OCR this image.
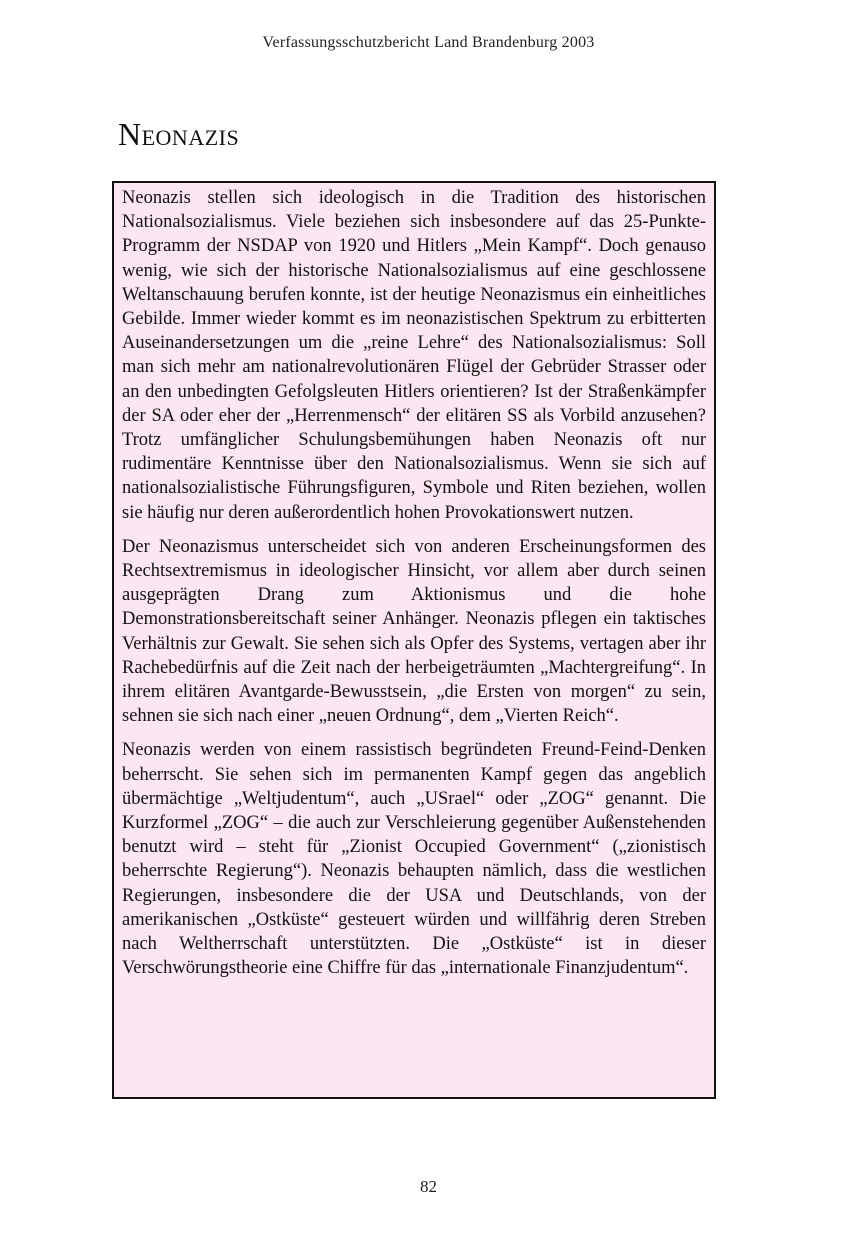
Verfassungsschutzbericht Land Brandenburg 2003
Neonazis

Neonazis stellen sich ideologisch in die Tradition des historischen Nationalsozialismus. Viele beziehen sich insbesondere auf das 25-Punkte-Programm der NSDAP von 1920 und Hitlers „Mein Kampf“. Doch genauso wenig, wie sich der historische Nationalsozialismus auf eine geschlossene Weltanschauung berufen konnte, ist der heutige Neonazismus ein einheitliches Gebilde. Immer wieder kommt es im neonazistischen Spektrum zu erbitterten Auseinandersetzungen um die „reine Lehre“ des Nationalsozialismus: Soll man sich mehr am nationalrevolutionären Flügel der Gebrüder Strasser oder an den unbedingten Gefolgsleuten Hitlers orientieren? Ist der Straßenkämpfer der SA oder eher der „Herrenmensch“ der elitären SS als Vorbild anzusehen? Trotz umfänglicher Schulungsbemühungen haben Neonazis oft nur rudimentäre Kenntnisse über den Nationalsozialismus. Wenn sie sich auf nationalsozialistische Führungsfiguren, Symbole und Riten beziehen, wollen sie häufig nur deren außerordentlich hohen Provokationswert nutzen.

Der Neonazismus unterscheidet sich von anderen Erscheinungsformen des Rechtsextremismus in ideologischer Hinsicht, vor allem aber durch seinen ausgeprägten Drang zum Aktionismus und die hohe Demonstrationsbereitschaft seiner Anhänger. Neonazis pflegen ein taktisches Verhältnis zur Gewalt. Sie sehen sich als Opfer des Systems, vertagen aber ihr Rachebedürfnis auf die Zeit nach der herbeigeträumten „Machtergreifung“. In ihrem elitären Avantgarde-Bewusstsein, „die Ersten von morgen“ zu sein, sehnen sie sich nach einer „neuen Ordnung“, dem „Vierten Reich“.

Neonazis werden von einem rassistisch begründeten Freund-Feind-Denken beherrscht. Sie sehen sich im permanenten Kampf gegen das angeblich übermächtige „Weltjudentum“, auch „USrael“ oder „ZOG“ genannt. Die Kurzformel „ZOG“ – die auch zur Verschleierung gegenüber Außenstehenden benutzt wird – steht für „Zionist Occupied Government“ („zionistisch beherrschte Regierung“). Neonazis behaupten nämlich, dass die westlichen Regierungen, insbesondere die der USA und Deutschlands, von der amerikanischen „Ostküste“ gesteuert würden und willfährig deren Streben nach Weltherrschaft unterstützten. Die „Ostküste“ ist in dieser Verschwörungstheorie eine Chiffre für das „internationale Finanzjudentum“.

82
